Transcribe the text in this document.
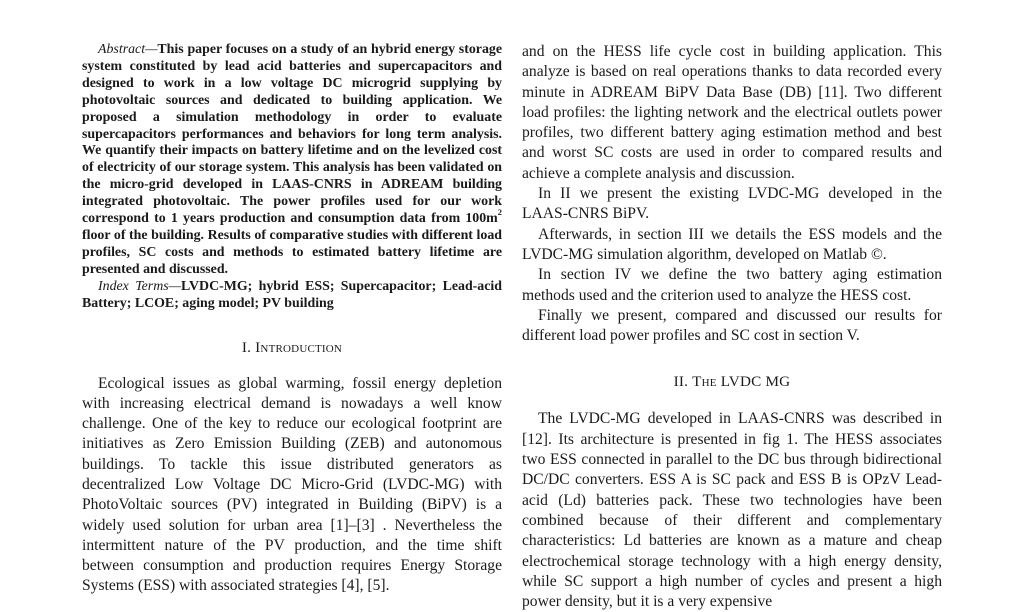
Abstract—This paper focuses on a study of an hybrid energy storage system constituted by lead acid batteries and supercapacitors and designed to work in a low voltage DC microgrid supplying by photovoltaic sources and dedicated to building application. We proposed a simulation methodology in order to evaluate supercapacitors performances and behaviors for long term analysis. We quantify their impacts on battery lifetime and on the levelized cost of electricity of our storage system. This analysis has been validated on the micro-grid developed in LAAS-CNRS in ADREAM building integrated photovoltaic. The power profiles used for our work correspond to 1 years production and consumption data from $100m^2$ floor of the building. Results of comparative studies with different load profiles, SC costs and methods to estimated battery lifetime are presented and discussed.

Index Terms—LVDC-MG; hybrid ESS; Supercapacitor; Lead-acid Battery; LCOE; aging model; PV building

I. Introduction

Ecological issues as global warming, fossil energy depletion with increasing electrical demand is nowadays a well know challenge. One of the key to reduce our ecological footprint are initiatives as Zero Emission Building (ZEB) and autonomous buildings. To tackle this issue distributed generators as decentralized Low Voltage DC Micro-Grid (LVDC-MG) with PhotoVoltaic sources (PV) integrated in Building (BiPV) is a widely used solution for urban area [1]–[3] . Nevertheless the intermittent nature of the PV production, and the time shift between consumption and production requires Energy Storage Systems (ESS) with associated strategies [4], [5].

and on the HESS life cycle cost in building application. This analyze is based on real operations thanks to data recorded every minute in ADREAM BiPV Data Base (DB) [11]. Two different load profiles: the lighting network and the electrical outlets power profiles, two different battery aging estimation method and best and worst SC costs are used in order to compared results and achieve a complete analysis and discussion.

In II we present the existing LVDC-MG developed in the LAAS-CNRS BiPV.

Afterwards, in section III we details the ESS models and the LVDC-MG simulation algorithm, developed on Matlab ©.

In section IV we define the two battery aging estimation methods used and the criterion used to analyze the HESS cost.

Finally we present, compared and discussed our results for different load power profiles and SC cost in section V.

II. The LVDC MG

The LVDC-MG developed in LAAS-CNRS was described in [12]. Its architecture is presented in fig 1. The HESS associates two ESS connected in parallel to the DC bus through bidirectional DC/DC converters. ESS A is SC pack and ESS B is OPzV Lead-acid (Ld) batteries pack. These two technologies have been combined because of their different and complementary characteristics: Ld batteries are known as a mature and cheap electrochemical storage technology with a high energy density, while SC support a high number of cycles and present a high power density, but it is a very expensive
